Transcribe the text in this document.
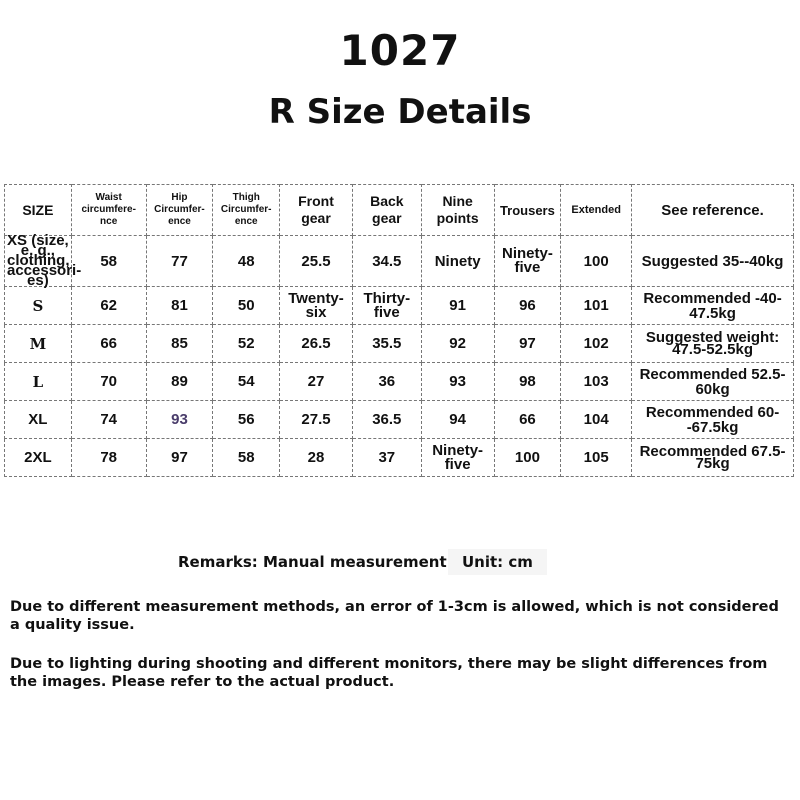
1027
R Size Details
SIZE	Waist circumfere-nce	Hip Circumfer-ence	Thigh Circumfer-ence	Front gear	Back gear	Nine points	Trousers	Extended	See reference.
XS (size, e. g., clothing, accessori-es)	58	77	48	25.5	34.5	Ninety	Ninety-five	100	Suggested 35--40kg
S	62	81	50	Twenty-six	Thirty-five	91	96	101	Recommended -40-47.5kg
M	66	85	52	26.5	35.5	92	97	102	Suggested weight: 47.5-52.5kg
L	70	89	54	27	36	93	98	103	Recommended 52.5-60kg
XL	74	93	56	27.5	36.5	94	66	104	Recommended 60--67.5kg
2XL	78	97	58	28	37	Ninety-five	100	105	Recommended 67.5-75kg
Remarks: Manual measurement	Unit: cm
Due to different measurement methods, an error of 1-3cm is allowed, which is not considered a quality issue.
Due to lighting during shooting and different monitors, there may be slight differences from the images. Please refer to the actual product.
